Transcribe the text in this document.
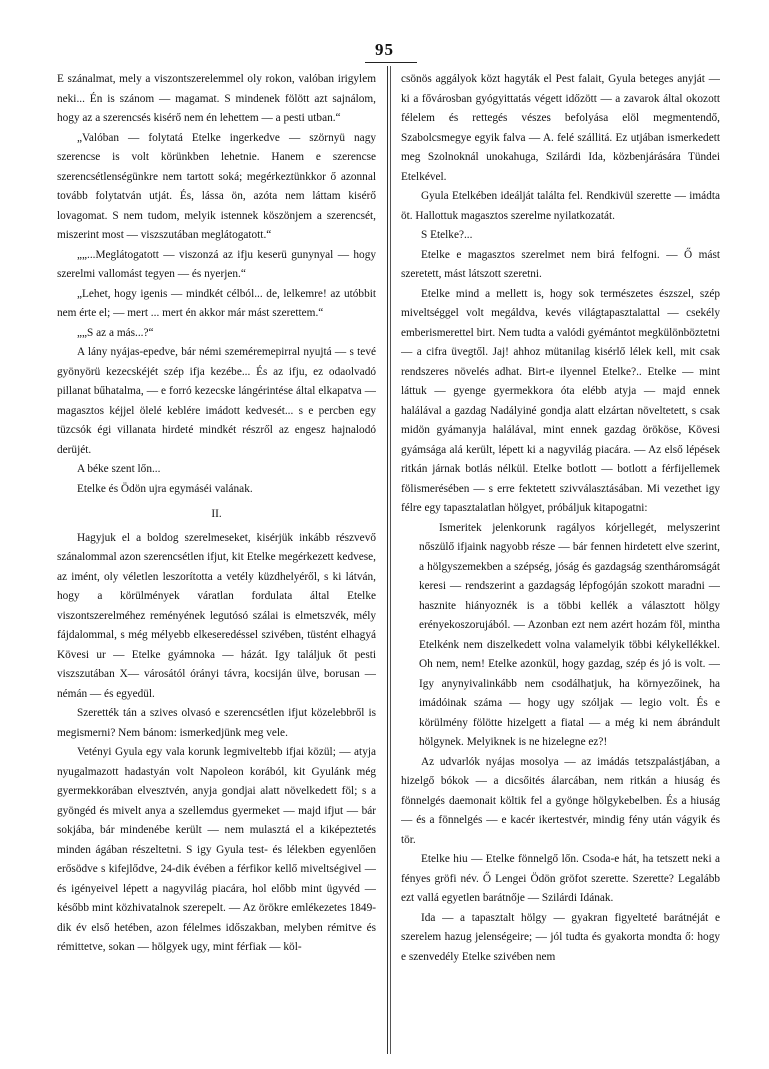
95

E szánalmat, mely a viszontszerelemmel oly rokon, valóban irigylem neki... Én is szánom — magamat. S mindenek fölött azt sajnálom, hogy az a szerencsés kisérő nem én lehettem — a pesti utban.“

„Valóban — folytatá Etelke ingerkedve — szörnyü nagy szerencse is volt körünkben lehetnie. Hanem e szerencse szerencsétlenségünkre nem tartott soká; megérkeztünkkor ő azonnal tovább folytatván utját. És, lássa ön, azóta nem láttam kisérő lovagomat. S nem tudom, melyik istennek köszönjem a szerencsét, miszerint most — viszszutában meglátogatott.“

„„...Meglátogatott — viszonzá az ifju keserü gunynyal — hogy szerelmi vallomást tegyen — és nyerjen.“

„Lehet, hogy igenis — mindkét célból... de, lelkemre! az utóbbit nem érte el; — mert ... mert én akkor már mást szerettem.“

„„S az a más...?“

A lány nyájas-epedve, bár némi szeméremepirral nyujtá — s tevé gyönyörü kezecskéjét szép ifja kezébe... És az ifju, ez odaolvadó pillanat bűhatalma, — e forró kezecske lángérintése által elkapatva — magasztos kéjjel ölelé keblére imádott kedvesét... s e percben egy tüzcsók égi villanata hirdeté mindkét részről az engesz hajnalodó derüjét.

A béke szent lőn...

Etelke és Ödön ujra egymáséi valának.

II.

Hagyjuk el a boldog szerelmeseket, kisérjük inkább részvevő szánalommal azon szerencsétlen ifjut, kit Etelke megérkezett kedvese, az imént, oly véletlen leszorította a vetély küzdhelyéről, s ki látván, hogy a körülmények váratlan fordulata által Etelke viszontszerelméhez reményének legutósó szálai is elmetszvék, mély fájdalommal, s még mélyebb elkeseredéssel szivében, tüstént elhagyá Kövesi ur — Etelke gyámnoka — házát. Igy találjuk őt pesti viszszutában X— városától órányi távra, kocsiján ülve, borusan — némán — és egyedül.

Szerették tán a szives olvasó e szerencsétlen ifjut közelebbről is megismerni? Nem bánom: ismerkedjünk meg vele.

Vetényi Gyula egy vala korunk legmiveltebb ifjai közül; — atyja nyugalmazott hadastyán volt Napoleon korából, kit Gyulánk még gyermekkorában elvesztvén, anyja gondjai alatt növelkedett föl; s a gyöngéd és mivelt anya a szellemdus gyermeket — majd ifjut — bár sokjába, bár mindenébe került — nem mulasztá el a kiképeztetés minden ágában részeltetni. S igy Gyula test- és lélekben egyenlően erősödve s kifejlődve, 24-dik évében a férfikor kellő miveltségivel — és igényeivel lépett a nagyvilág piacára, hol előbb mint ügyvéd — később mint közhivatalnok szerepelt. — Az örökre emlékezetes 1849-dik év első hetében, azon félelmes időszakban, melyben rémitve és rémittetve, sokan — hölgyek ugy, mint férfiak — köl-

csönös aggályok közt hagyták el Pest falait, Gyula beteges anyját — ki a fővárosban gyógyittatás végett időzött — a zavarok által okozott félelem és rettegés vészes befolyása elöl megmentendő, Szabolcsmegye egyik falva — A. felé szállitá. Ez utjában ismerkedett meg Szolnoknál unokahuga, Szilárdi Ida, közbenjárására Tündei Etelkével.

Gyula Etelkében ideálját találta fel. Rendkivül szerette — imádta öt. Hallottuk magasztos szerelme nyilatkozatát.

S Etelke?...

Etelke e magasztos szerelmet nem birá felfogni. — Ő mást szeretett, mást látszott szeretni.

Etelke mind a mellett is, hogy sok természetes észszel, szép miveltséggel volt megáldva, kevés világtapasztalattal — csekély emberismerettel birt. Nem tudta a valódi gyémántot megkülönböztetni — a cifra üvegtől. Jaj! ahhoz mütanilag kisérlő lélek kell, mit csak rendszeres növelés adhat. Birt-e ilyennel Etelke?.. Etelke — mint láttuk — gyenge gyermekkora óta elébb atyja — majd ennek halálával a gazdag Nadályiné gondja alatt elzártan növeltetett, s csak midön gyámanyja halálával, mint ennek gazdag örököse, Kövesi gyámsága alá került, lépett ki a nagyvilág piacára. — Az első lépések ritkán járnak botlás nélkül. Etelke botlott — botlott a férfijellemek fölismerésében — s erre fektetett szivválasztásában. Mi vezethet igy félre egy tapasztalatlan hölgyet, próbáljuk kitapogatni:

Ismeritek jelenkorunk ragályos kórjellegét, melyszerint nőszülő ifjaink nagyobb része — bár fennen hirdetett elve szerint, a hölgyszemekben a szépség, jóság és gazdagság szentháromságát keresi — rendszerint a gazdagság lépfogóján szokott maradni — hasznite hiányoznék is a többi kellék a választott hölgy erényekoszorujából. — Azonban ezt nem azért hozám föl, mintha Etelkénk nem diszelkedett volna valamelyik többi kélykellékkel. Oh nem, nem! Etelke azonkül, hogy gazdag, szép és jó is volt. — Igy anynyivalinkább nem csodálhatjuk, ha környezőinek, ha imádóinak száma — hogy ugy szóljak — legio volt. És e körülmény fölötte hizelgett a fiatal — a még ki nem ábrándult hölgynek. Melyiknek is ne hizelegne ez?!

Az udvarlók nyájas mosolya — az imádás tetszpalástjában, a hizelgő bókok — a dicsőités álarcában, nem ritkán a hiuság és fönnelgés daemonait költik fel a gyönge hölgykebelben. És a hiuság — és a fönnelgés — e kacér ikertestvér, mindig fény után vágyik és tör.

Etelke hiu — Etelke fönnelgő lőn. Csoda-e hát, ha tetszett neki a fényes gröfi név. Ő Lengei Ödön gröfot szerette. Szerette? Legalább ezt vallá egyetlen barátnője — Szilárdi Idának.

Ida — a tapasztalt hölgy — gyakran figyelteté barátnéját e szerelem hazug jelenségeire; — jól tudta és gyakorta mondta ő: hogy e szenvedély Etelke szivében nem
